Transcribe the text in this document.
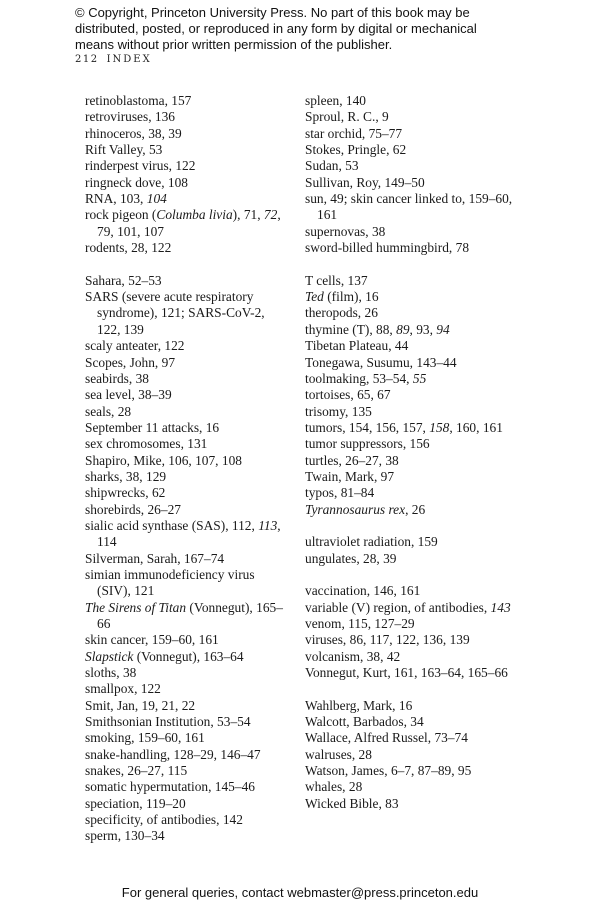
© Copyright, Princeton University Press. No part of this book may be distributed, posted, or reproduced in any form by digital or mechanical means without prior written permission of the publisher.
212 INDEX
retinoblastoma, 157
retroviruses, 136
rhinoceros, 38, 39
Rift Valley, 53
rinderpest virus, 122
ringneck dove, 108
RNA, 103, 104
rock pigeon (Columba livia), 71, 72, 79, 101, 107
rodents, 28, 122
Sahara, 52–53
SARS (severe acute respiratory syndrome), 121; SARS-CoV-2, 122, 139
scaly anteater, 122
Scopes, John, 97
seabirds, 38
sea level, 38–39
seals, 28
September 11 attacks, 16
sex chromosomes, 131
Shapiro, Mike, 106, 107, 108
sharks, 38, 129
shipwrecks, 62
shorebirds, 26–27
sialic acid synthase (SAS), 112, 113, 114
Silverman, Sarah, 167–74
simian immunodeficiency virus (SIV), 121
The Sirens of Titan (Vonnegut), 165–66
skin cancer, 159–60, 161
Slapstick (Vonnegut), 163–64
sloths, 38
smallpox, 122
Smit, Jan, 19, 21, 22
Smithsonian Institution, 53–54
smoking, 159–60, 161
snake-handling, 128–29, 146–47
snakes, 26–27, 115
somatic hypermutation, 145–46
speciation, 119–20
specificity, of antibodies, 142
sperm, 130–34
spleen, 140
Sproul, R. C., 9
star orchid, 75–77
Stokes, Pringle, 62
Sudan, 53
Sullivan, Roy, 149–50
sun, 49; skin cancer linked to, 159–60, 161
supernovas, 38
sword-billed hummingbird, 78
T cells, 137
Ted (film), 16
theropods, 26
thymine (T), 88, 89, 93, 94
Tibetan Plateau, 44
Tonegawa, Susumu, 143–44
toolmaking, 53–54, 55
tortoises, 65, 67
trisomy, 135
tumors, 154, 156, 157, 158, 160, 161
tumor suppressors, 156
turtles, 26–27, 38
Twain, Mark, 97
typos, 81–84
Tyrannosaurus rex, 26
ultraviolet radiation, 159
ungulates, 28, 39
vaccination, 146, 161
variable (V) region, of antibodies, 143
venom, 115, 127–29
viruses, 86, 117, 122, 136, 139
volcanism, 38, 42
Vonnegut, Kurt, 161, 163–64, 165–66
Wahlberg, Mark, 16
Walcott, Barbados, 34
Wallace, Alfred Russel, 73–74
walruses, 28
Watson, James, 6–7, 87–89, 95
whales, 28
Wicked Bible, 83
For general queries, contact webmaster@press.princeton.edu
